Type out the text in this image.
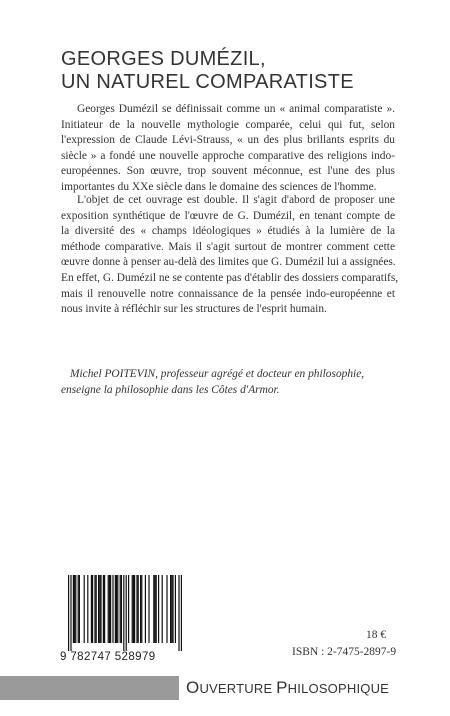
GEORGES DUMÉZIL,
UN NATUREL COMPARATISTE
Georges Dumézil se définissait comme un « animal comparatiste ».
Initiateur de la nouvelle mythologie comparée, celui qui fut, selon
l'expression de Claude Lévi-Strauss, « un des plus brillants esprits du
siècle » a fondé une nouvelle approche comparative des religions indo-
européennes. Son œuvre, trop souvent méconnue, est l'une des plus
importantes du XXe siècle dans le domaine des sciences de l'homme.
L'objet de cet ouvrage est double. Il s'agit d'abord de proposer une
exposition synthétique de l'œuvre de G. Dumézil, en tenant compte de
la diversité des « champs idéologiques » étudiés à la lumière de la
méthode comparative. Mais il s'agit surtout de montrer comment cette
œuvre donne à penser au-delà des limites que G. Dumézil lui a assignées.
En effet, G. Dumézil ne se contente pas d'établir des dossiers comparatifs,
mais il renouvelle notre connaissance de la pensée indo-européenne et
nous invite à réfléchir sur les structures de l'esprit humain.
Michel POITEVIN, professeur agrégé et docteur en philosophie,
enseigne la philosophie dans les Côtes d'Armor.
9 782747 528979
18 €
ISBN : 2-7475-2897-9
OUVERTURE PHILOSOPHIQUE
